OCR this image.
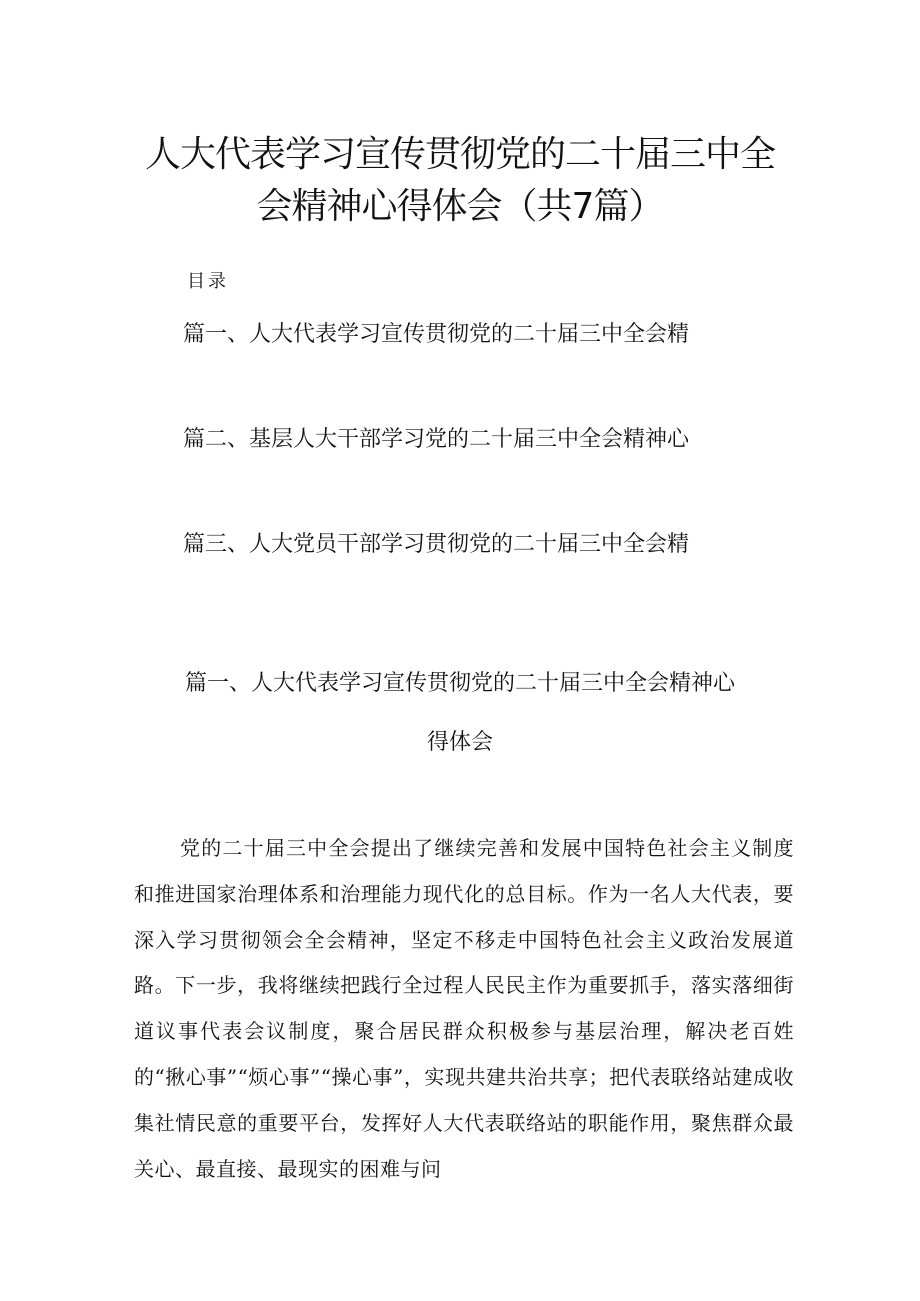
人大代表学习宣传贯彻党的二十届三中全
会精神心得体会（共7篇）
目录
篇一、人大代表学习宣传贯彻党的二十届三中全会精
篇二、基层人大干部学习党的二十届三中全会精神心
篇三、人大党员干部学习贯彻党的二十届三中全会精
篇一、人大代表学习宣传贯彻党的二十届三中全会精神心
得体会

党的二十届三中全会提出了继续完善和发展中国特色社会主义制度和推进国家治理体系和治理能力现代化的总目标。作为一名人大代表，要深入学习贯彻领会全会精神，坚定不移走中国特色社会主义政治发展道路。下一步，我将继续把践行全过程人民民主作为重要抓手，落实落细街道议事代表会议制度，聚合居民群众积极参与基层治理，解决老百姓的“揪心事”“烦心事”“操心事”，实现共建共治共享；把代表联络站建成收集社情民意的重要平台，发挥好人大代表联络站的职能作用，聚焦群众最关心、最直接、最现实的困难与问
